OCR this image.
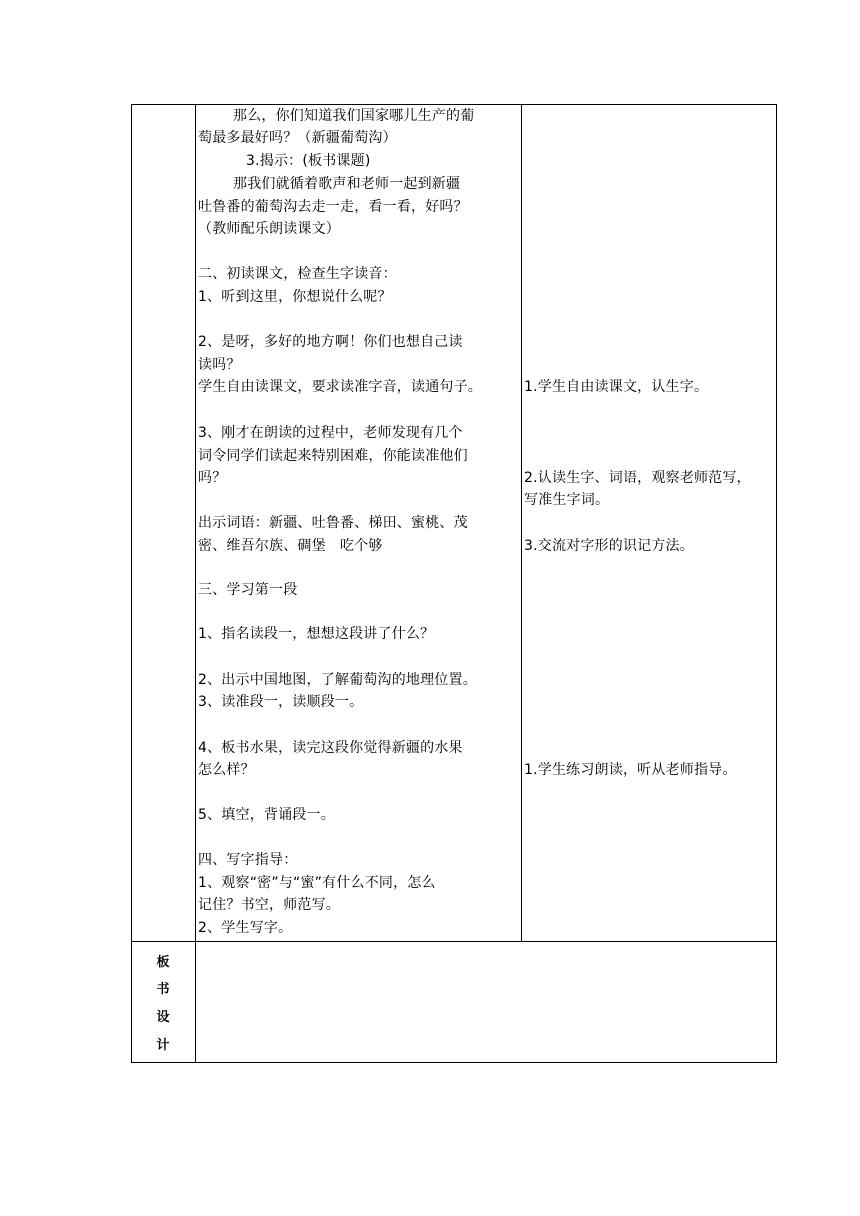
那么，你们知道我们国家哪儿生产的葡
萄最多最好吗？（新疆葡萄沟）
3.揭示：(板书课题)
那我们就循着歌声和老师一起到新疆
吐鲁番的葡萄沟去走一走，看一看，好吗？
（教师配乐朗读课文）
二、初读课文，检查生字读音：
1、听到这里，你想说什么呢？
2、是呀，多好的地方啊！你们也想自己读
读吗？
学生自由读课文，要求读准字音，读通句子。
3、刚才在朗读的过程中，老师发现有几个
词令同学们读起来特别困难，你能读准他们
吗？
出示词语：新疆、吐鲁番、梯田、蜜桃、茂
密、维吾尔族、碉堡　吃个够
三、学习第一段
1、指名读段一，想想这段讲了什么？
2、出示中国地图，了解葡萄沟的地理位置。
3、读准段一，读顺段一。
4、板书水果，读完这段你觉得新疆的水果
怎么样？
5、填空，背诵段一。
四、写字指导：
1、观察“密”与“蜜”有什么不同，怎么
记住？书空，师范写。
2、学生写字。
1.学生自由读课文，认生字。
2.认读生字、词语，观察老师范写，
写准生字词。
3.交流对字形的识记方法。
1.学生练习朗读，听从老师指导。
板
书
设
计
